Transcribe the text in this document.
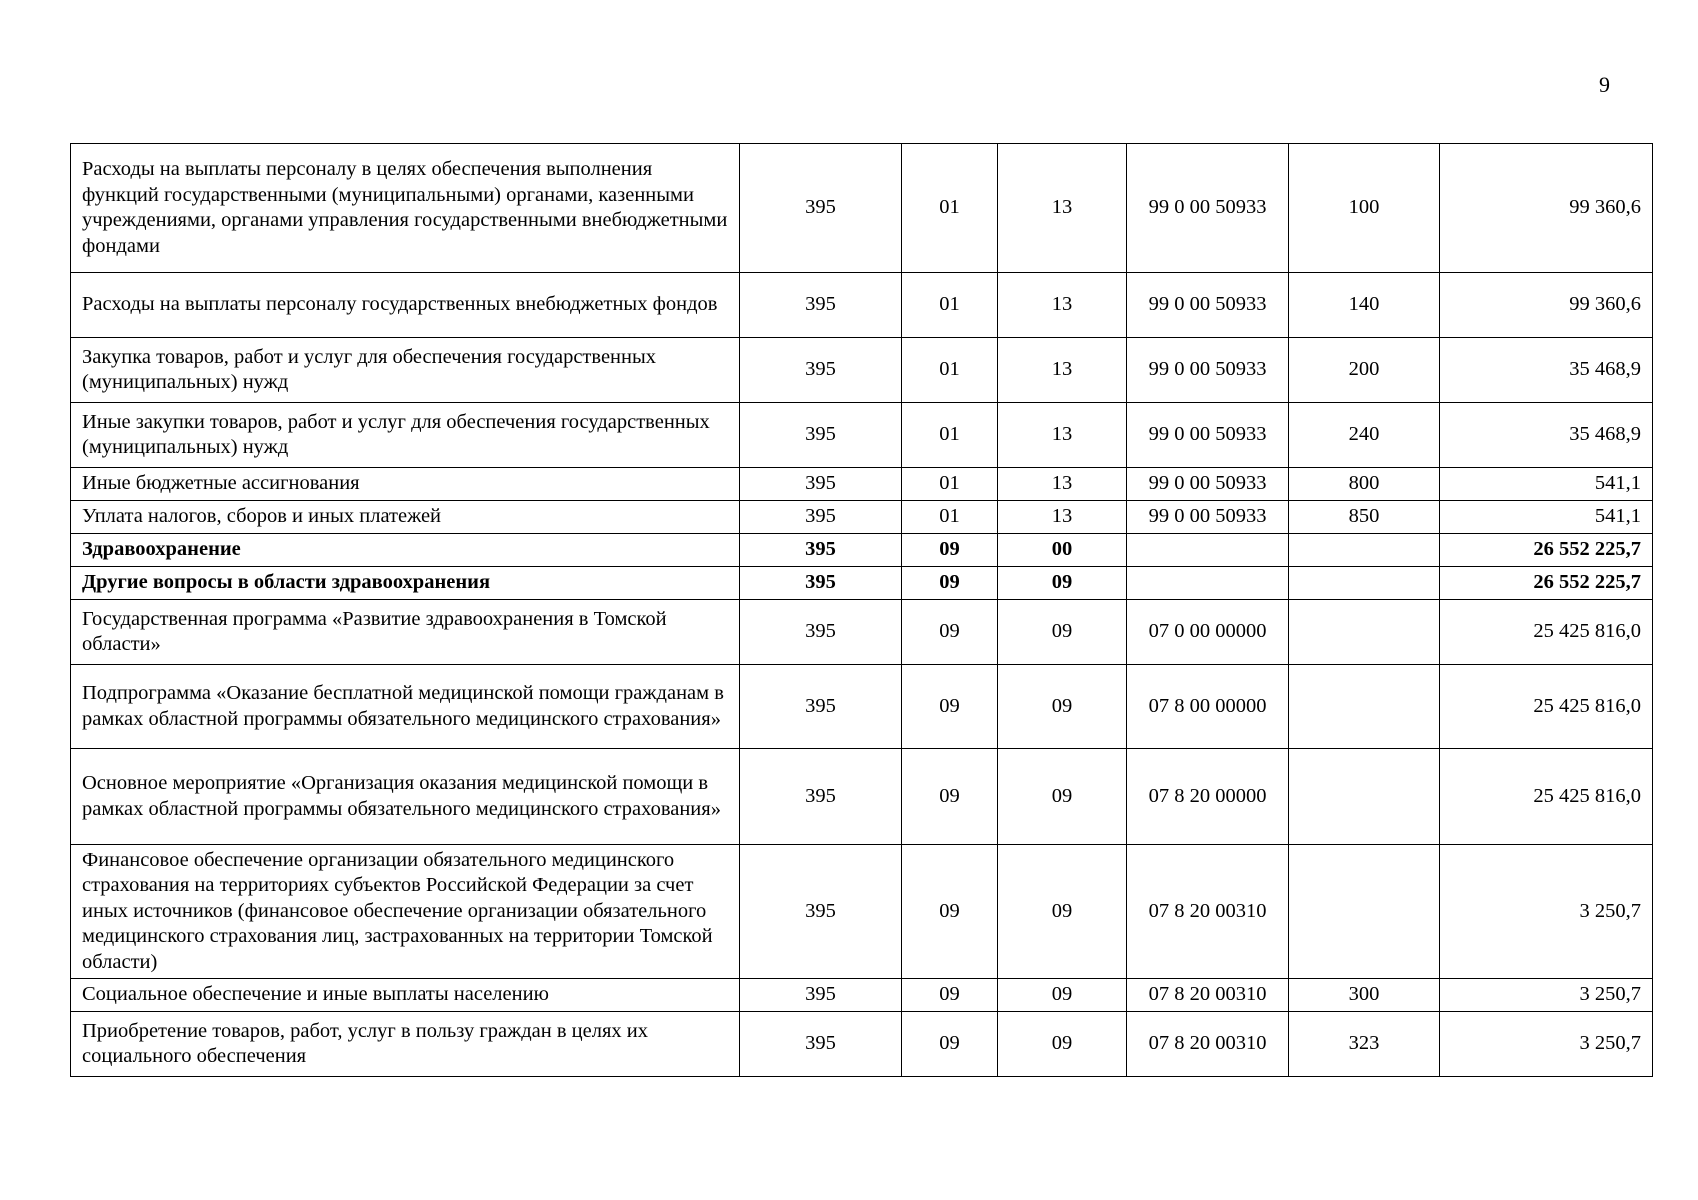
9
Расходы на выплаты персоналу в целях обеспечения выполнения функций государственными (муниципальными) органами, казенными учреждениями, органами управления государственными внебюджетными фондами	395	01	13	99 0 00 50933	100	99 360,6
Расходы на выплаты персоналу государственных внебюджетных фондов	395	01	13	99 0 00 50933	140	99 360,6
Закупка товаров, работ и услуг для обеспечения государственных (муниципальных) нужд	395	01	13	99 0 00 50933	200	35 468,9
Иные закупки товаров, работ и услуг для обеспечения государственных (муниципальных) нужд	395	01	13	99 0 00 50933	240	35 468,9
Иные бюджетные ассигнования	395	01	13	99 0 00 50933	800	541,1
Уплата налогов, сборов и иных платежей	395	01	13	99 0 00 50933	850	541,1
Здравоохранение	395	09	00			26 552 225,7
Другие вопросы в области здравоохранения	395	09	09			26 552 225,7
Государственная программа «Развитие здравоохранения в Томской области»	395	09	09	07 0 00 00000		25 425 816,0
Подпрограмма «Оказание бесплатной медицинской помощи гражданам в рамках областной программы обязательного медицинского страхования»	395	09	09	07 8 00 00000		25 425 816,0
Основное мероприятие «Организация оказания медицинской помощи в рамках областной программы обязательного медицинского страхования»	395	09	09	07 8 20 00000		25 425 816,0
Финансовое обеспечение организации обязательного медицинского страхования на территориях субъектов Российской Федерации за счет иных источников (финансовое обеспечение организации обязательного медицинского страхования лиц, застрахованных на территории Томской области)	395	09	09	07 8 20 00310		3 250,7
Социальное обеспечение и иные выплаты населению	395	09	09	07 8 20 00310	300	3 250,7
Приобретение товаров, работ, услуг в пользу граждан в целях их социального обеспечения	395	09	09	07 8 20 00310	323	3 250,7
